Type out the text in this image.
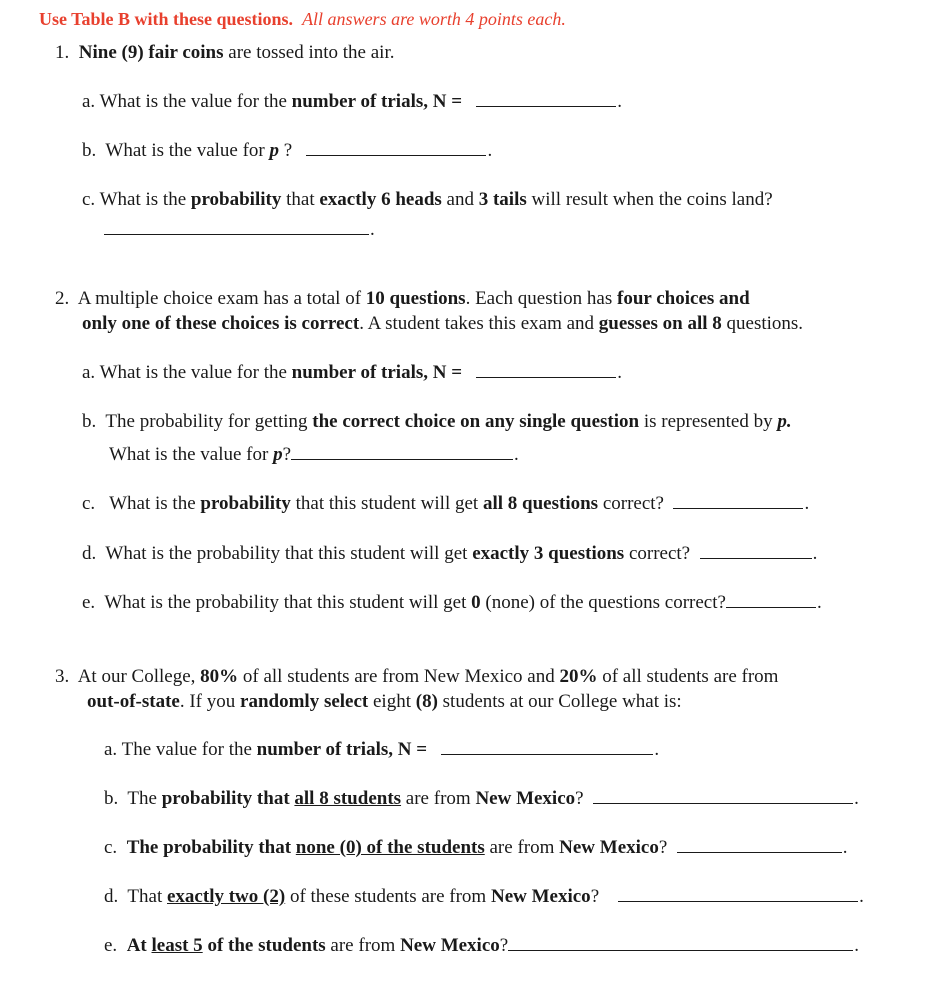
Use Table B with these questions. All answers are worth 4 points each.
1. Nine (9) fair coins are tossed into the air.
a. What is the value for the number of trials, N =	.
b. What is the value for p ?	.
c. What is the probability that exactly 6 heads and 3 tails will result when the coins land?
.
2. A multiple choice exam has a total of 10 questions. Each question has four choices and
only one of these choices is correct. A student takes this exam and guesses on all 8 questions.
a. What is the value for the number of trials, N =	.
b. The probability for getting the correct choice on any single question is represented by p.
What is the value for p?	.
c. What is the probability that this student will get all 8 questions correct?	.
d. What is the probability that this student will get exactly 3 questions correct?	.
e. What is the probability that this student will get 0 (none) of the questions correct?	.
3. At our College, 80% of all students are from New Mexico and 20% of all students are from
out-of-state. If you randomly select eight (8) students at our College what is:
a. The value for the number of trials, N =	.
b. The probability that all 8 students are from New Mexico?	.
c. The probability that none (0) of the students are from New Mexico?	.
d. That exactly two (2) of these students are from New Mexico?	.
e. At least 5 of the students are from New Mexico?	.
